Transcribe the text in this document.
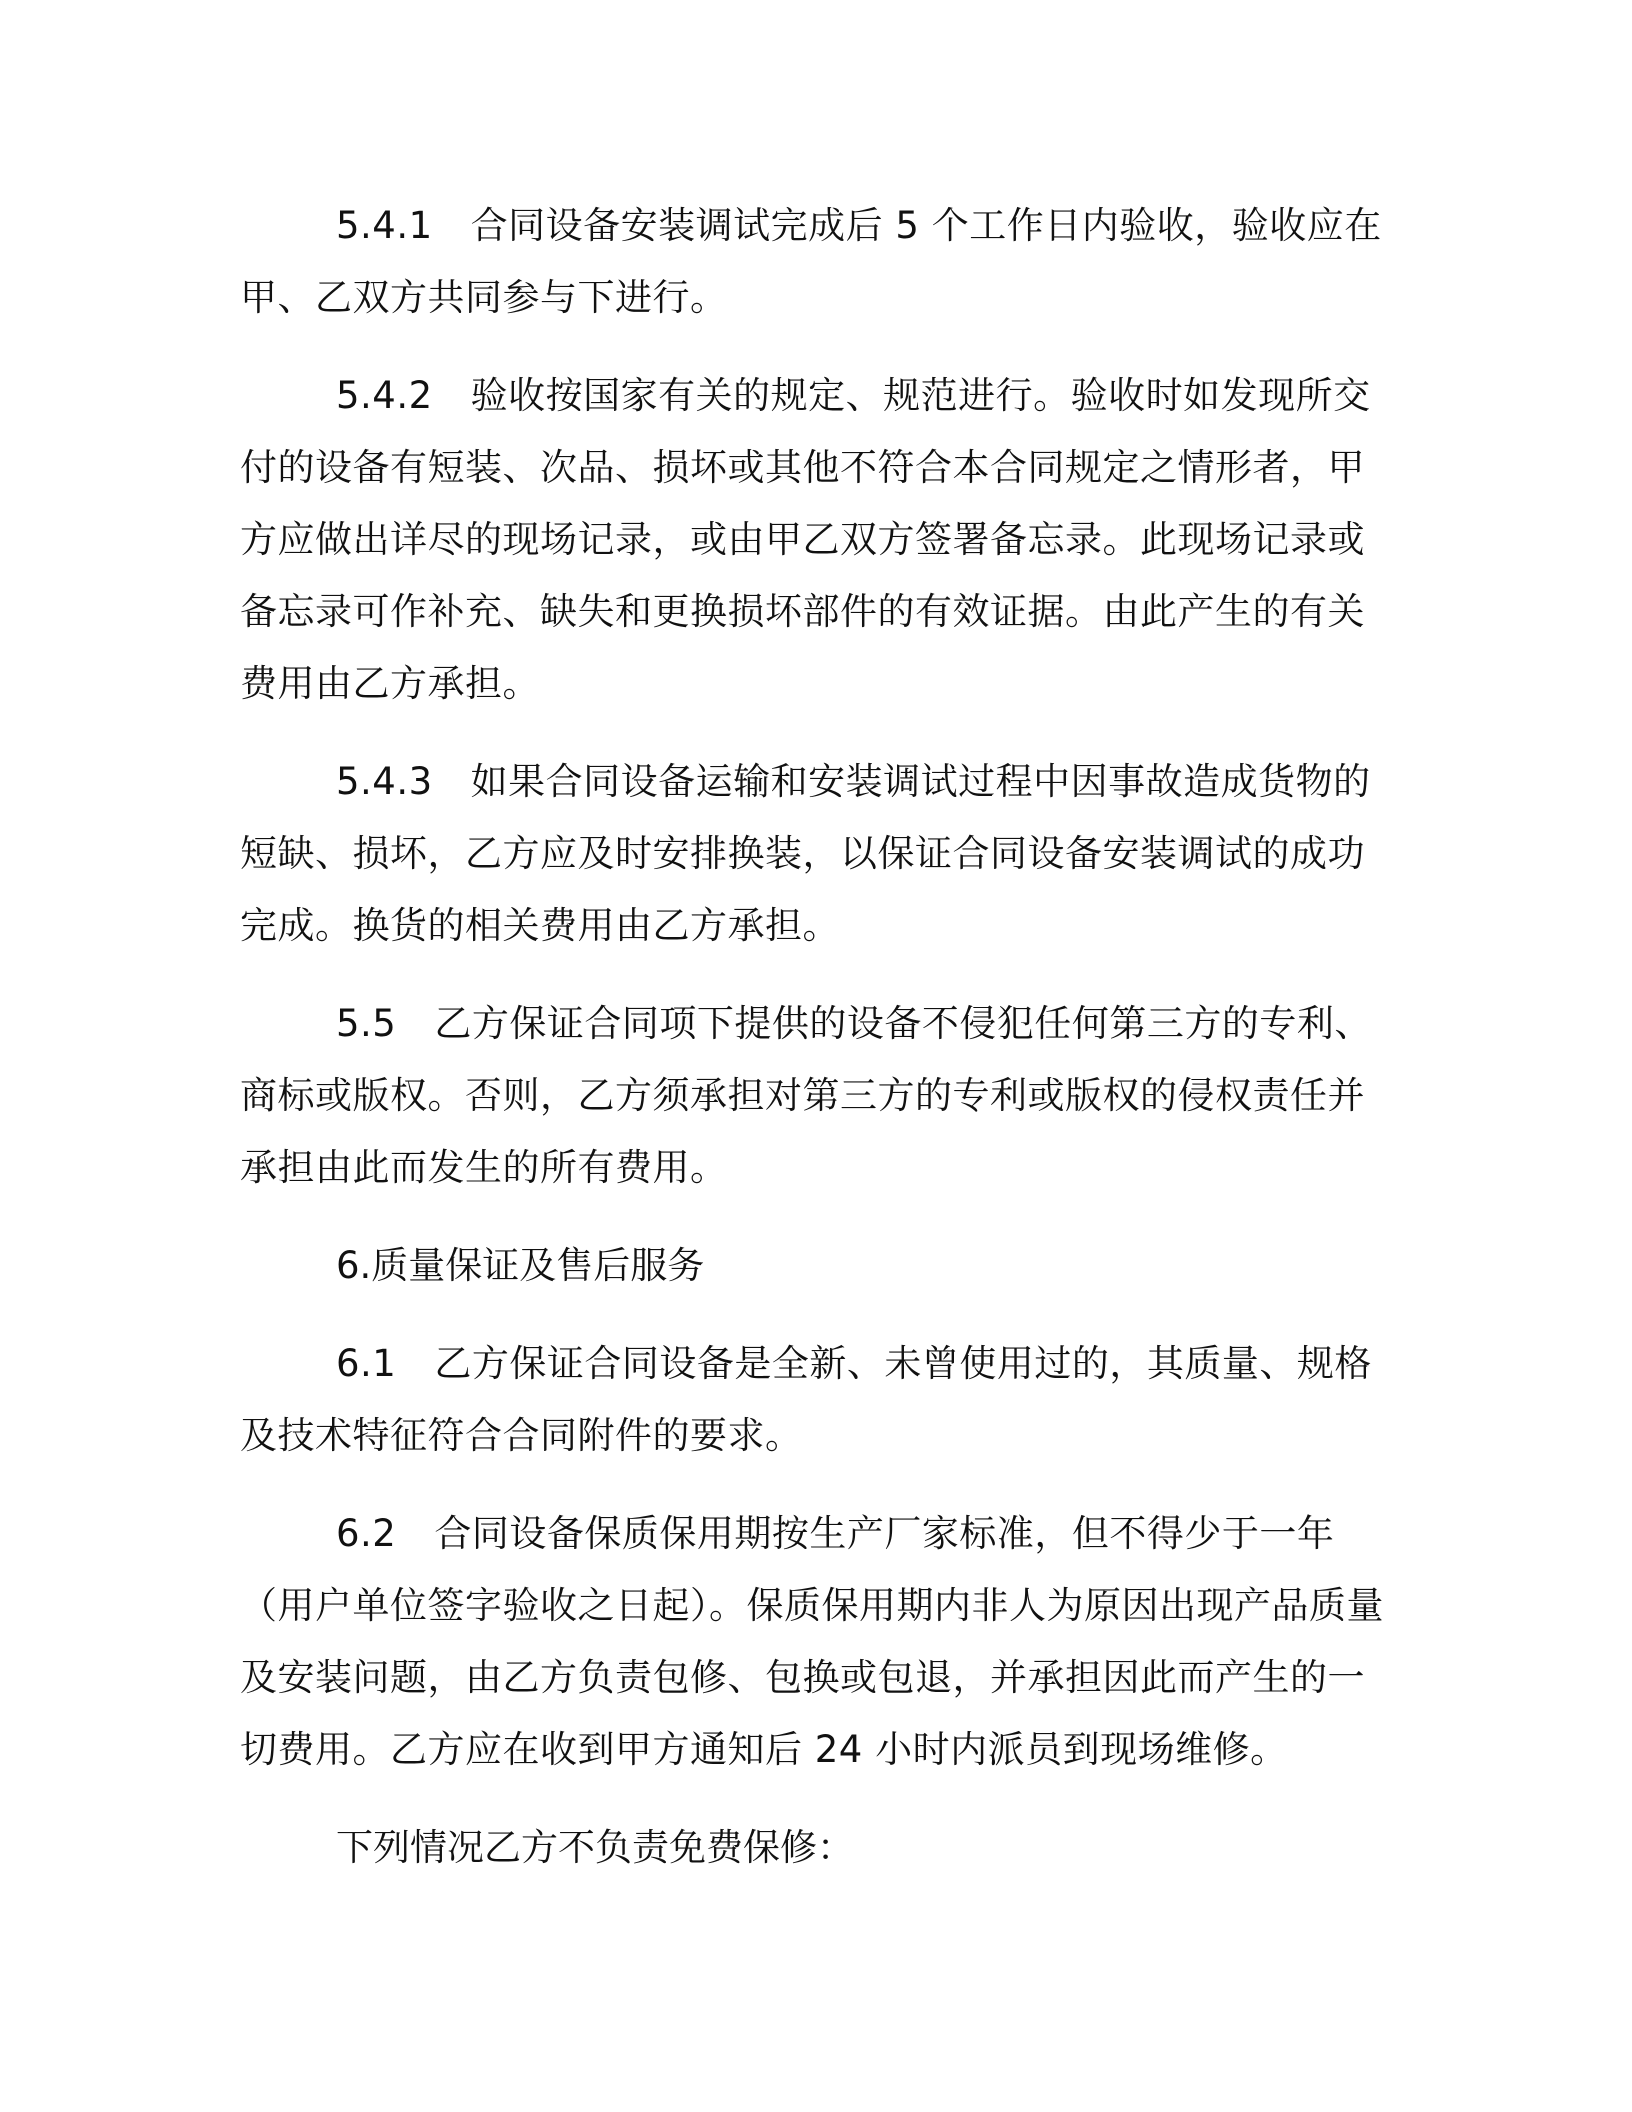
5.4.1 合同设备安装调试完成后 5 个工作日内验收，验收应在甲、乙双方共同参与下进行。

5.4.2 验收按国家有关的规定、规范进行。验收时如发现所交付的设备有短装、次品、损坏或其他不符合本合同规定之情形者，甲方应做出详尽的现场记录，或由甲乙双方签署备忘录。此现场记录或备忘录可作补充、缺失和更换损坏部件的有效证据。由此产生的有关费用由乙方承担。

5.4.3 如果合同设备运输和安装调试过程中因事故造成货物的短缺、损坏，乙方应及时安排换装，以保证合同设备安装调试的成功完成。换货的相关费用由乙方承担。

5.5 乙方保证合同项下提供的设备不侵犯任何第三方的专利、商标或版权。否则，乙方须承担对第三方的专利或版权的侵权责任并承担由此而发生的所有费用。

6.质量保证及售后服务

6.1 乙方保证合同设备是全新、未曾使用过的，其质量、规格及技术特征符合合同附件的要求。

6.2 合同设备保质保用期按生产厂家标准，但不得少于一年（用户单位签字验收之日起）。保质保用期内非人为原因出现产品质量及安装问题，由乙方负责包修、包换或包退，并承担因此而产生的一切费用。乙方应在收到甲方通知后 24 小时内派员到现场维修。

下列情况乙方不负责免费保修：
